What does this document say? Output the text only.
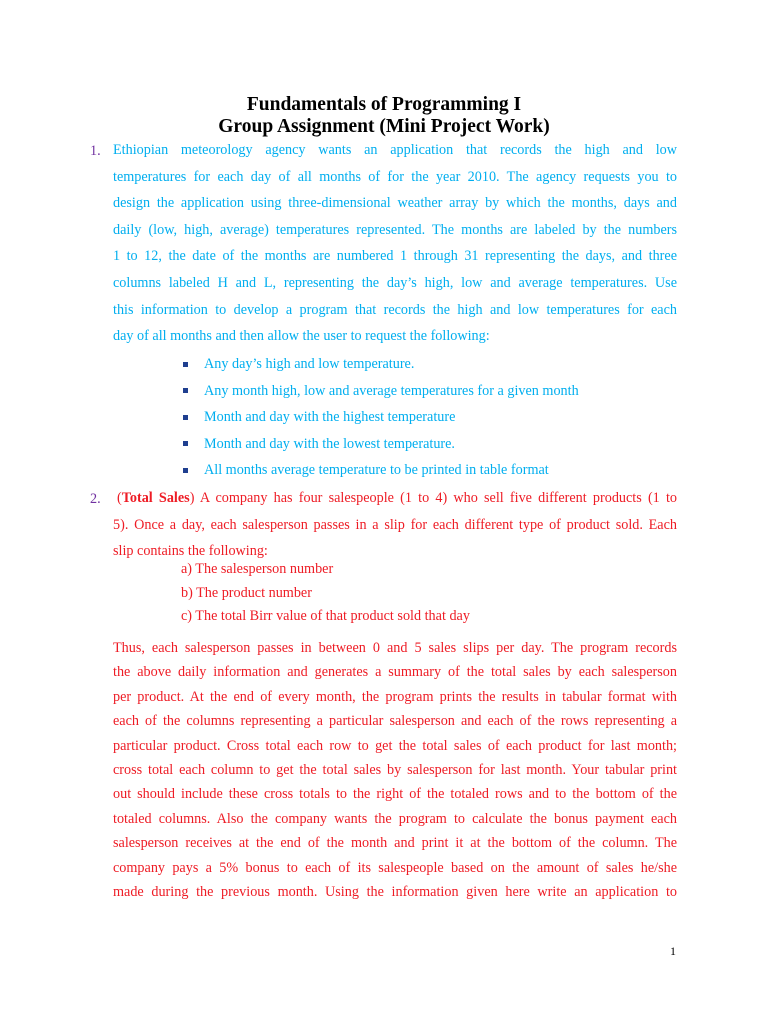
Fundamentals of Programming I
Group Assignment (Mini Project Work)
1. Ethiopian meteorology agency wants an application that records the high and low
temperatures for each day of all months of for the year 2010. The agency requests you to
design the application using three-dimensional weather array by which the months, days and
daily (low, high, average) temperatures represented. The months are labeled by the numbers
1 to 12, the date of the months are numbered 1 through 31 representing the days, and three
columns labeled H and L, representing the day’s high, low and average temperatures. Use
this information to develop a program that records the high and low temperatures for each
day of all months and then allow the user to request the following:
Any day’s high and low temperature.
Any month high, low and average temperatures for a given month
Month and day with the highest temperature
Month and day with the lowest temperature.
All months average temperature to be printed in table format
2. (Total Sales) A company has four salespeople (1 to 4) who sell five different products (1 to
5). Once a day, each salesperson passes in a slip for each different type of product sold. Each
slip contains the following:
a) The salesperson number
b) The product number
c) The total Birr value of that product sold that day
Thus, each salesperson passes in between 0 and 5 sales slips per day. The program records
the above daily information and generates a summary of the total sales by each salesperson
per product. At the end of every month, the program prints the results in tabular format with
each of the columns representing a particular salesperson and each of the rows representing a
particular product. Cross total each row to get the total sales of each product for last month;
cross total each column to get the total sales by salesperson for last month. Your tabular print
out should include these cross totals to the right of the totaled rows and to the bottom of the
totaled columns. Also the company wants the program to calculate the bonus payment each
salesperson receives at the end of the month and print it at the bottom of the column. The
company pays a 5% bonus to each of its salespeople based on the amount of sales he/she
made during the previous month. Using the information given here write an application to
1
